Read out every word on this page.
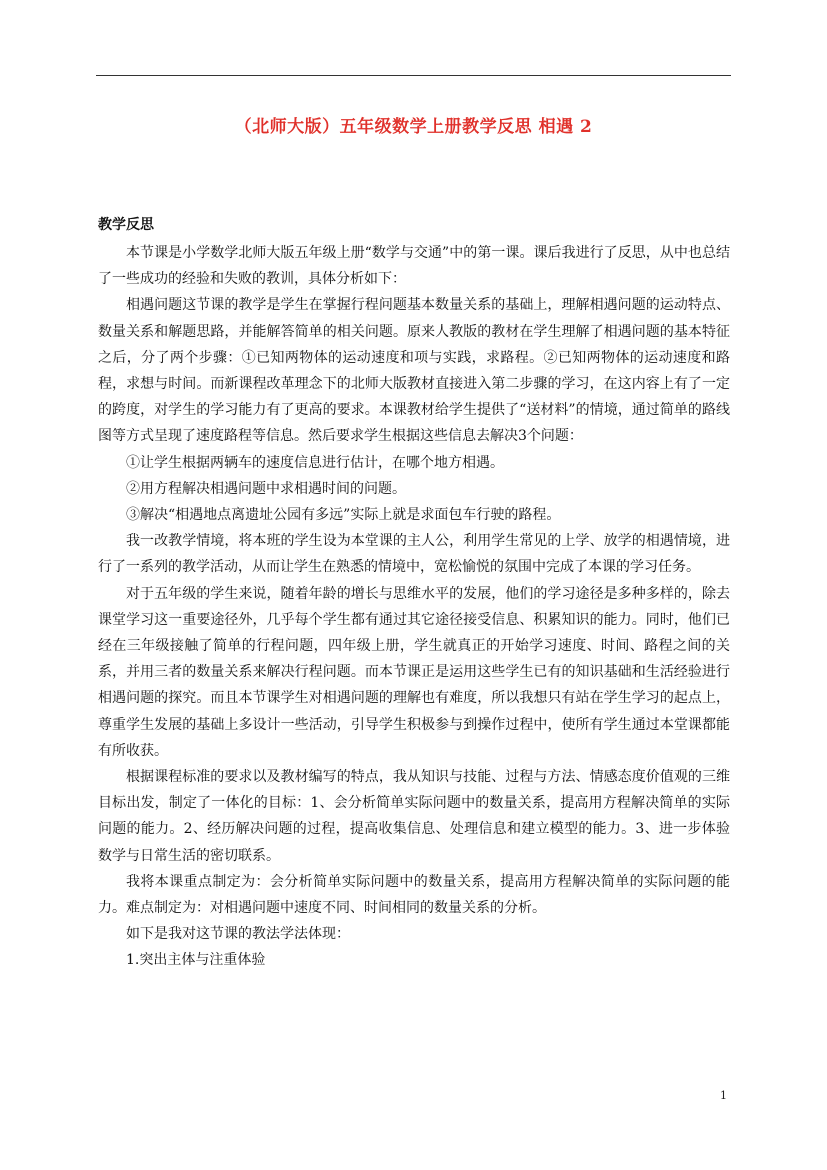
（北师大版）五年级数学上册教学反思 相遇 2
教学反思

本节课是小学数学北师大版五年级上册“数学与交通”中的第一课。课后我进行了反思，从中也总结了一些成功的经验和失败的教训，具体分析如下：

相遇问题这节课的教学是学生在掌握行程问题基本数量关系的基础上，理解相遇问题的运动特点、数量关系和解题思路，并能解答简单的相关问题。原来人教版的教材在学生理解了相遇问题的基本特征之后，分了两个步骤：①已知两物体的运动速度和项与实践，求路程。②已知两物体的运动速度和路程，求想与时间。而新课程改革理念下的北师大版教材直接进入第二步骤的学习，在这内容上有了一定的跨度，对学生的学习能力有了更高的要求。本课教材给学生提供了“送材料”的情境，通过简单的路线图等方式呈现了速度路程等信息。然后要求学生根据这些信息去解决3个问题：

①让学生根据两辆车的速度信息进行估计，在哪个地方相遇。

②用方程解决相遇问题中求相遇时间的问题。

③解决“相遇地点离遗址公园有多远”实际上就是求面包车行驶的路程。

我一改教学情境，将本班的学生设为本堂课的主人公，利用学生常见的上学、放学的相遇情境，进行了一系列的教学活动，从而让学生在熟悉的情境中，宽松愉悦的氛围中完成了本课的学习任务。

对于五年级的学生来说，随着年龄的增长与思维水平的发展，他们的学习途径是多种多样的，除去课堂学习这一重要途径外，几乎每个学生都有通过其它途径接受信息、积累知识的能力。同时，他们已经在三年级接触了简单的行程问题，四年级上册，学生就真正的开始学习速度、时间、路程之间的关系，并用三者的数量关系来解决行程问题。而本节课正是运用这些学生已有的知识基础和生活经验进行相遇问题的探究。而且本节课学生对相遇问题的理解也有难度，所以我想只有站在学生学习的起点上，尊重学生发展的基础上多设计一些活动，引导学生积极参与到操作过程中，使所有学生通过本堂课都能有所收获。

根据课程标准的要求以及教材编写的特点，我从知识与技能、过程与方法、情感态度价值观的三维目标出发，制定了一体化的目标：1、会分析简单实际问题中的数量关系，提高用方程解决简单的实际问题的能力。2、经历解决问题的过程，提高收集信息、处理信息和建立模型的能力。3、进一步体验数学与日常生活的密切联系。

我将本课重点制定为：会分析简单实际问题中的数量关系，提高用方程解决简单的实际问题的能力。难点制定为：对相遇问题中速度不同、时间相同的数量关系的分析。

如下是我对这节课的教法学法体现：

1.突出主体与注重体验

1
